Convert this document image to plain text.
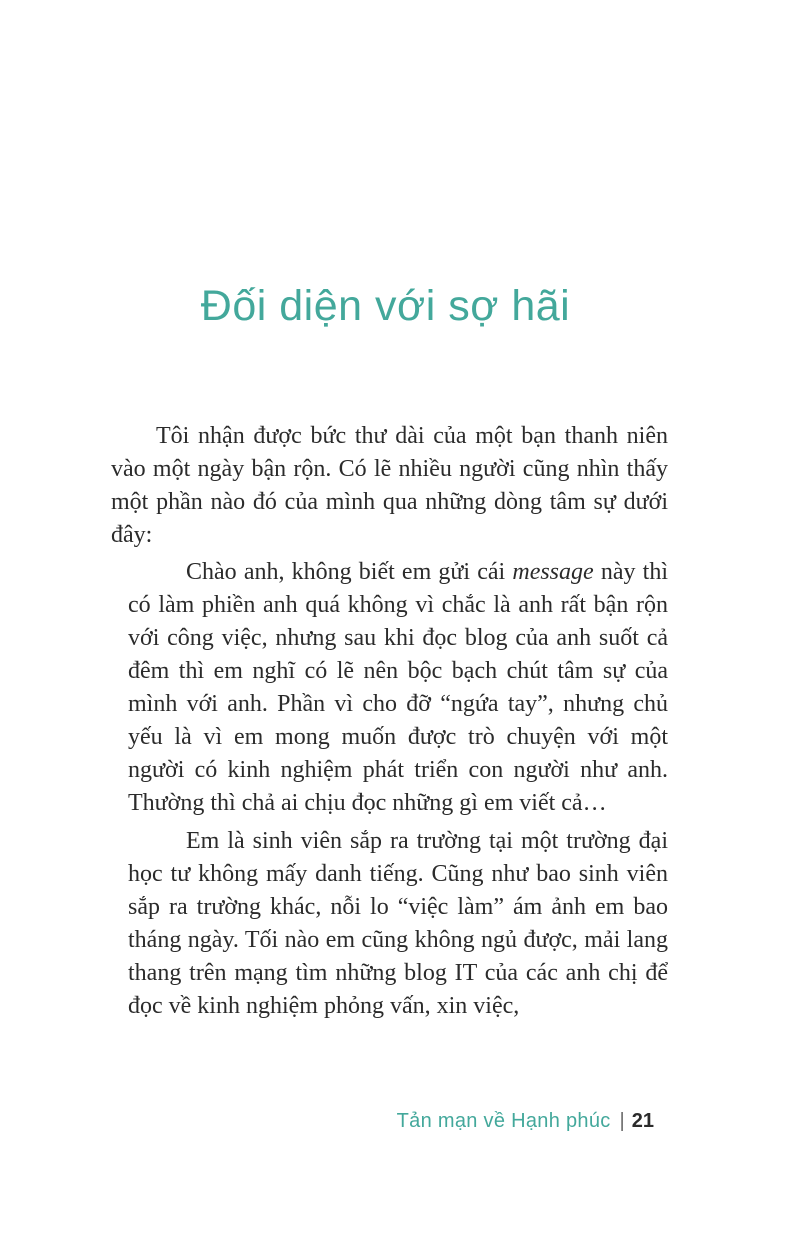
Đối diện với sợ hãi

Tôi nhận được bức thư dài của một bạn thanh niên vào một ngày bận rộn. Có lẽ nhiều người cũng nhìn thấy một phần nào đó của mình qua những dòng tâm sự dưới đây:

Chào anh, không biết em gửi cái message này thì có làm phiền anh quá không vì chắc là anh rất bận rộn với công việc, nhưng sau khi đọc blog của anh suốt cả đêm thì em nghĩ có lẽ nên bộc bạch chút tâm sự của mình với anh. Phần vì cho đỡ “ngứa tay”, nhưng chủ yếu là vì em mong muốn được trò chuyện với một người có kinh nghiệm phát triển con người như anh. Thường thì chả ai chịu đọc những gì em viết cả…

Em là sinh viên sắp ra trường tại một trường đại học tư không mấy danh tiếng. Cũng như bao sinh viên sắp ra trường khác, nỗi lo “việc làm” ám ảnh em bao tháng ngày. Tối nào em cũng không ngủ được, mải lang thang trên mạng tìm những blog IT của các anh chị để đọc về kinh nghiệm phỏng vấn, xin việc,

Tản mạn về Hạnh phúc | 21
